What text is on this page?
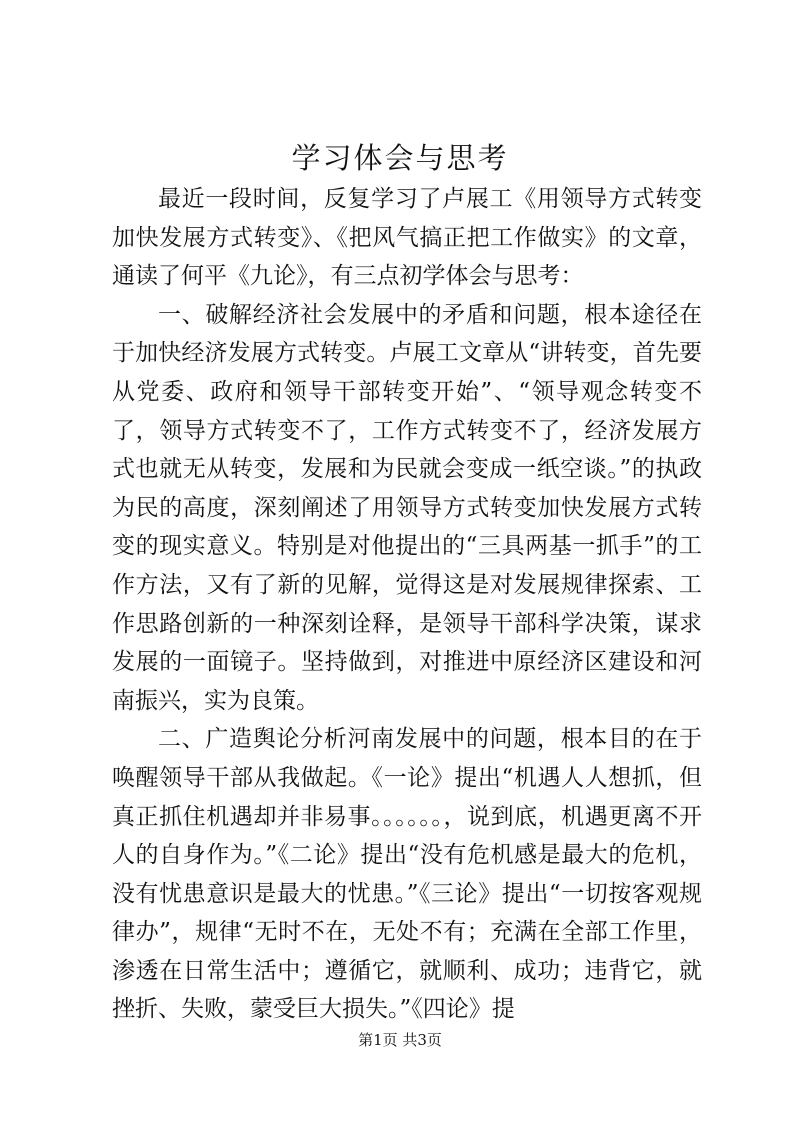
学习体会与思考

最近一段时间，反复学习了卢展工《用领导方式转变加快发展方式转变》、《把风气搞正把工作做实》的文章，通读了何平《九论》，有三点初学体会与思考：

一、破解经济社会发展中的矛盾和问题，根本途径在于加快经济发展方式转变。卢展工文章从“讲转变，首先要从党委、政府和领导干部转变开始”、“领导观念转变不了，领导方式转变不了，工作方式转变不了，经济发展方式也就无从转变，发展和为民就会变成一纸空谈。”的执政为民的高度，深刻阐述了用领导方式转变加快发展方式转变的现实意义。特别是对他提出的“三具两基一抓手”的工作方法，又有了新的见解，觉得这是对发展规律探索、工作思路创新的一种深刻诠释，是领导干部科学决策，谋求发展的一面镜子。坚持做到，对推进中原经济区建设和河南振兴，实为良策。

二、广造舆论分析河南发展中的问题，根本目的在于唤醒领导干部从我做起。《一论》提出“机遇人人想抓，但真正抓住机遇却并非易事。。。。。。，说到底，机遇更离不开人的自身作为。”《二论》提出“没有危机感是最大的危机，没有忧患意识是最大的忧患。”《三论》提出“一切按客观规律办”，规律“无时不在，无处不有；充满在全部工作里，渗透在日常生活中；遵循它，就顺利、成功；违背它，就挫折、失败，蒙受巨大损失。”《四论》提

第1页 共3页
